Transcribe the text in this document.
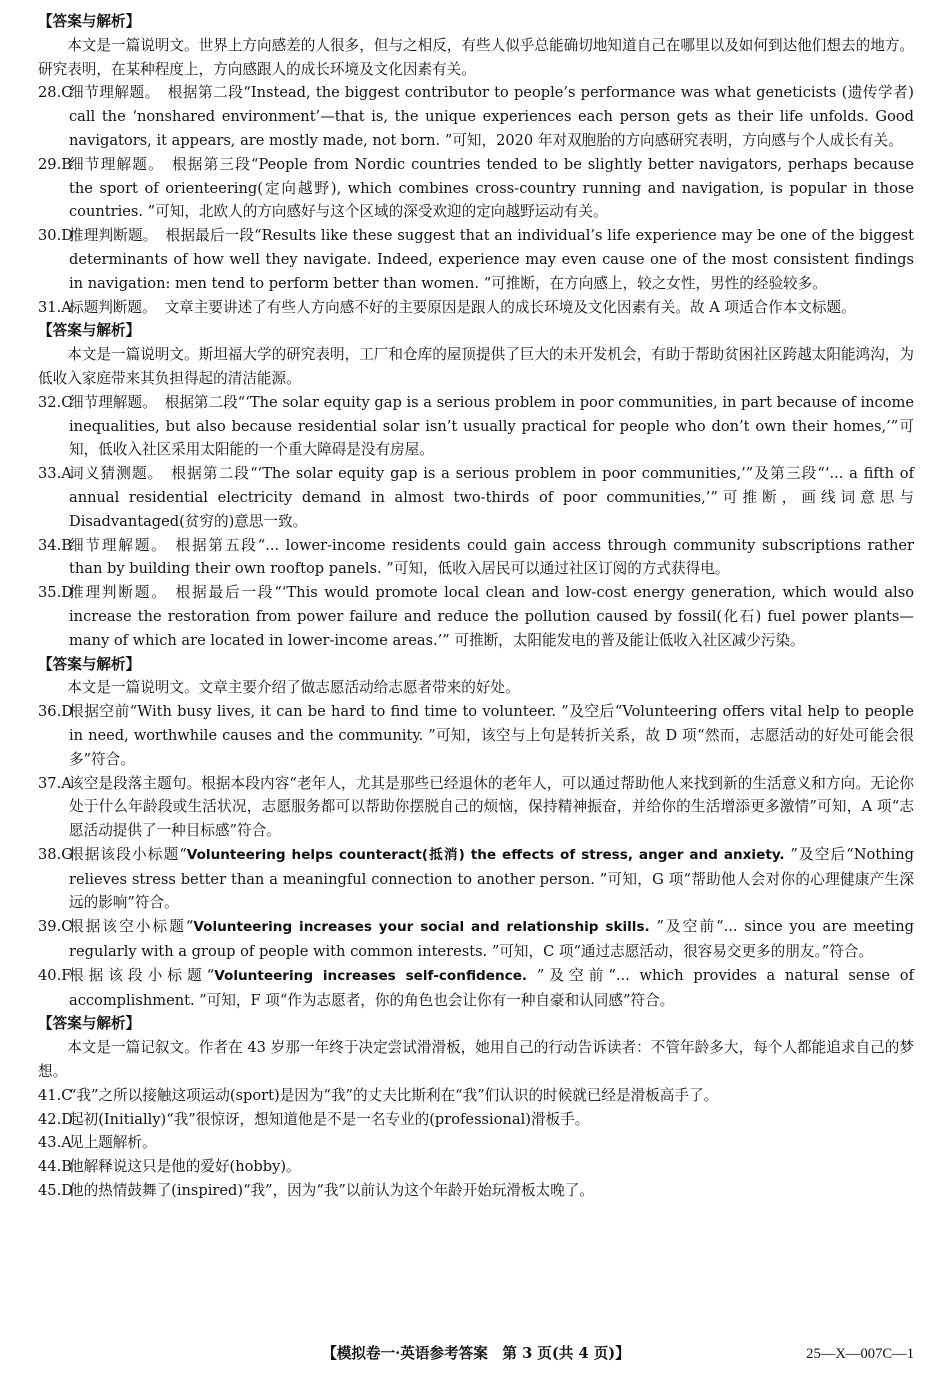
【答案与解析】

本文是一篇说明文。世界上方向感差的人很多，但与之相反，有些人似乎总能确切地知道自己在哪里以及如何到达他们想去的地方。研究表明，在某种程度上，方向感跟人的成长环境及文化因素有关。

28.C
细节理解题。 根据第二段“Instead, the biggest contributor to people’s performance was what geneticists (遗传学者) call the ‘nonshared environment’—that is, the unique experiences each person gets as their life unfolds. Good navigators, it appears, are mostly made, not born. ”可知，2020 年对双胞胎的方向感研究表明，方向感与个人成长有关。
29.B
细节理解题。 根据第三段“People from Nordic countries tended to be slightly better navigators, perhaps because the sport of orienteering(定向越野), which combines cross-country running and navigation, is popular in those countries. ”可知，北欧人的方向感好与这个区域的深受欢迎的定向越野运动有关。
30.D
推理判断题。 根据最后一段“Results like these suggest that an individual’s life experience may be one of the biggest determinants of how well they navigate. Indeed, experience may even cause one of the most consistent findings in navigation: men tend to perform better than women. ”可推断，在方向感上，较之女性，男性的经验较多。
31.A
标题判断题。 文章主要讲述了有些人方向感不好的主要原因是跟人的成长环境及文化因素有关。故 A 项适合作本文标题。

【答案与解析】

本文是一篇说明文。斯坦福大学的研究表明，工厂和仓库的屋顶提供了巨大的未开发机会，有助于帮助贫困社区跨越太阳能鸿沟，为低收入家庭带来其负担得起的清洁能源。

32.C
细节理解题。 根据第二段“‘The solar equity gap is a serious problem in poor communities, in part because of income inequalities, but also because residential solar isn’t usually practical for people who don’t own their homes,’”可知，低收入社区采用太阳能的一个重大障碍是没有房屋。
33.A
词义猜测题。 根据第二段“‘The solar equity gap is a serious problem in poor communities,’”及第三段“‘... a fifth of annual residential electricity demand in almost two-thirds of poor communities,’”可推断，画线词意思与 Disadvantaged(贫穷的)意思一致。
34.B
细节理解题。 根据第五段“... lower-income residents could gain access through community subscriptions rather than by building their own rooftop panels. ”可知，低收入居民可以通过社区订阅的方式获得电。
35.D
推理判断题。 根据最后一段“‘This would promote local clean and low-cost energy generation, which would also increase the restoration from power failure and reduce the pollution caused by fossil(化石) fuel power plants—many of which are located in lower-income areas.’” 可推断，太阳能发电的普及能让低收入社区减少污染。

【答案与解析】

本文是一篇说明文。文章主要介绍了做志愿活动给志愿者带来的好处。

36.D
根据空前“With busy lives, it can be hard to find time to volunteer. ”及空后“Volunteering offers vital help to people in need, worthwhile causes and the community. ”可知，该空与上句是转折关系，故 D 项“然而，志愿活动的好处可能会很多”符合。
37.A
该空是段落主题句。根据本段内容“老年人，尤其是那些已经退休的老年人，可以通过帮助他人来找到新的生活意义和方向。无论你处于什么年龄段或生活状况，志愿服务都可以帮助你摆脱自己的烦恼，保持精神振奋，并给你的生活增添更多激情”可知，A 项“志愿活动提供了一种目标感”符合。
38.G
根据该段小标题“Volunteering helps counteract(抵消) the effects of stress, anger and anxiety. ”及空后“Nothing relieves stress better than a meaningful connection to another person. ”可知，G 项“帮助他人会对你的心理健康产生深远的影响”符合。
39.C
根据该空小标题“Volunteering increases your social and relationship skills. ”及空前“... since you are meeting regularly with a group of people with common interests. ”可知，C 项“通过志愿活动，很容易交更多的朋友。”符合。
40.F
根据该段小标题“Volunteering increases self-confidence. ”及空前“... which provides a natural sense of accomplishment. ”可知，F 项“作为志愿者，你的角色也会让你有一种自豪和认同感”符合。

【答案与解析】

本文是一篇记叙文。作者在 43 岁那一年终于决定尝试滑滑板，她用自己的行动告诉读者：不管年龄多大，每个人都能追求自己的梦想。

41.C
“我”之所以接触这项运动(sport)是因为“我”的丈夫比斯利在“我”们认识的时候就已经是滑板高手了。
42.D
起初(Initially)“我”很惊讶，想知道他是不是一名专业的(professional)滑板手。
43.A
见上题解析。
44.B
他解释说这只是他的爱好(hobby)。
45.D
他的热情鼓舞了(inspired)“我”，因为“我”以前认为这个年龄开始玩滑板太晚了。
【模拟卷一·英语参考答案　第 3 页(共 4 页)】	25—X—007C—1
